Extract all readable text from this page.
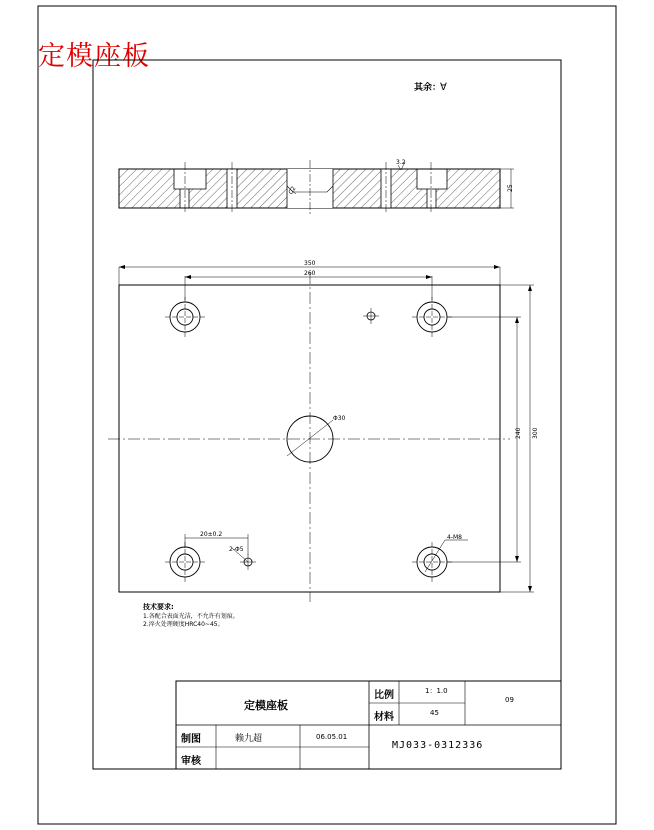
定模座板
其余：
∀
C2
3.2
25
Φ30
4-M8
2-Φ5
20±0.2
350
260
300
240
技术要求:
1.各配合表面光洁，不允许有划痕。
2.淬火处理硬度HRC40~45。
定模座板
比例	1：1.0
09
材料	45
制图	赖九超	06.05.01
审核
MJ033-0312336
